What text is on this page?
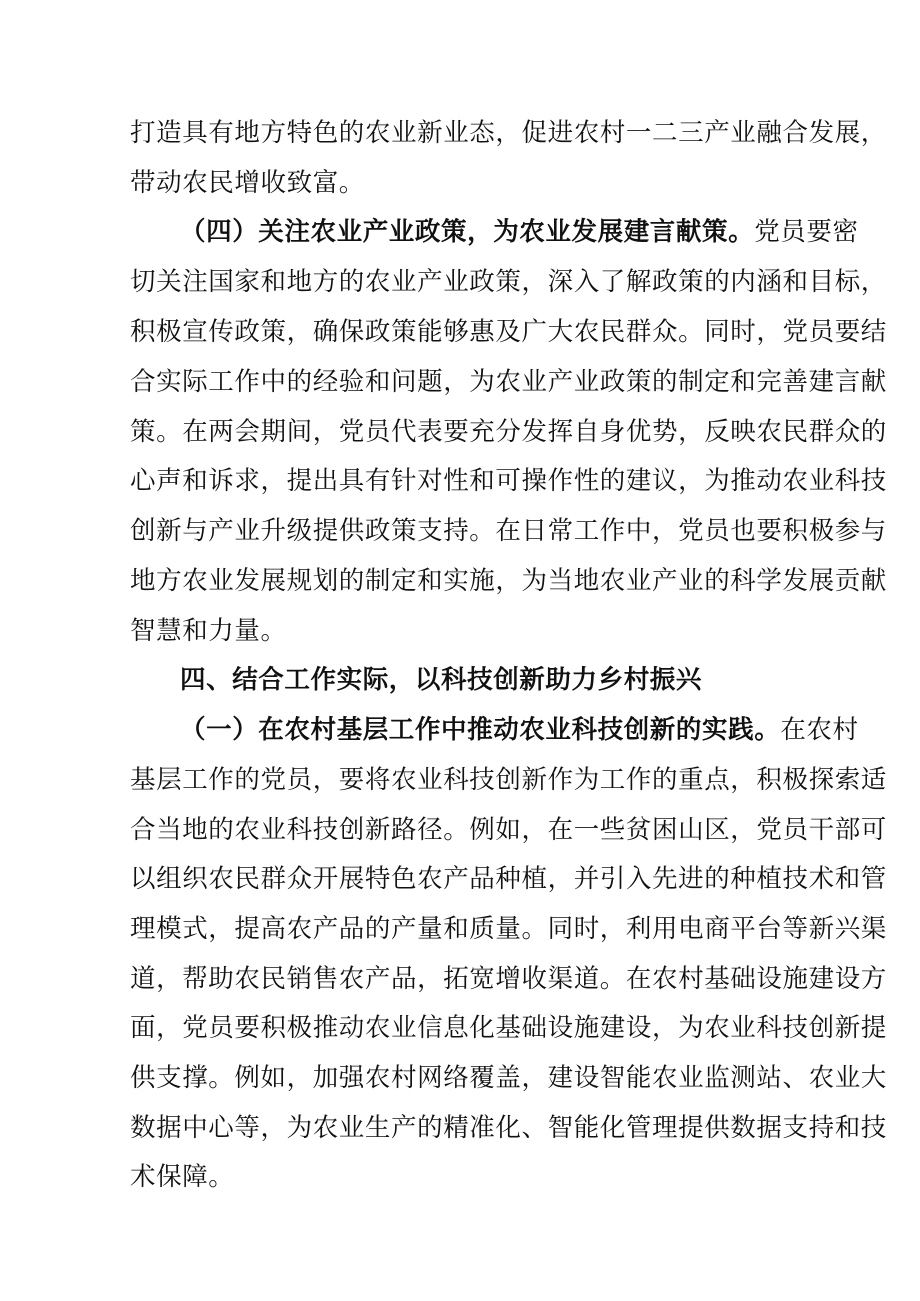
打造具有地方特色的农业新业态，促进农村一二三产业融合发展，
带动农民增收致富。
（四）关注农业产业政策，为农业发展建言献策。党员要密
切关注国家和地方的农业产业政策，深入了解政策的内涵和目标，
积极宣传政策，确保政策能够惠及广大农民群众。同时，党员要结
合实际工作中的经验和问题，为农业产业政策的制定和完善建言献
策。在两会期间，党员代表要充分发挥自身优势，反映农民群众的
心声和诉求，提出具有针对性和可操作性的建议，为推动农业科技
创新与产业升级提供政策支持。在日常工作中，党员也要积极参与
地方农业发展规划的制定和实施，为当地农业产业的科学发展贡献
智慧和力量。
四、结合工作实际，以科技创新助力乡村振兴
（一）在农村基层工作中推动农业科技创新的实践。在农村
基层工作的党员，要将农业科技创新作为工作的重点，积极探索适
合当地的农业科技创新路径。例如，在一些贫困山区，党员干部可
以组织农民群众开展特色农产品种植，并引入先进的种植技术和管
理模式，提高农产品的产量和质量。同时，利用电商平台等新兴渠
道，帮助农民销售农产品，拓宽增收渠道。在农村基础设施建设方
面，党员要积极推动农业信息化基础设施建设，为农业科技创新提
供支撑。例如，加强农村网络覆盖，建设智能农业监测站、农业大
数据中心等，为农业生产的精准化、智能化管理提供数据支持和技
术保障。
